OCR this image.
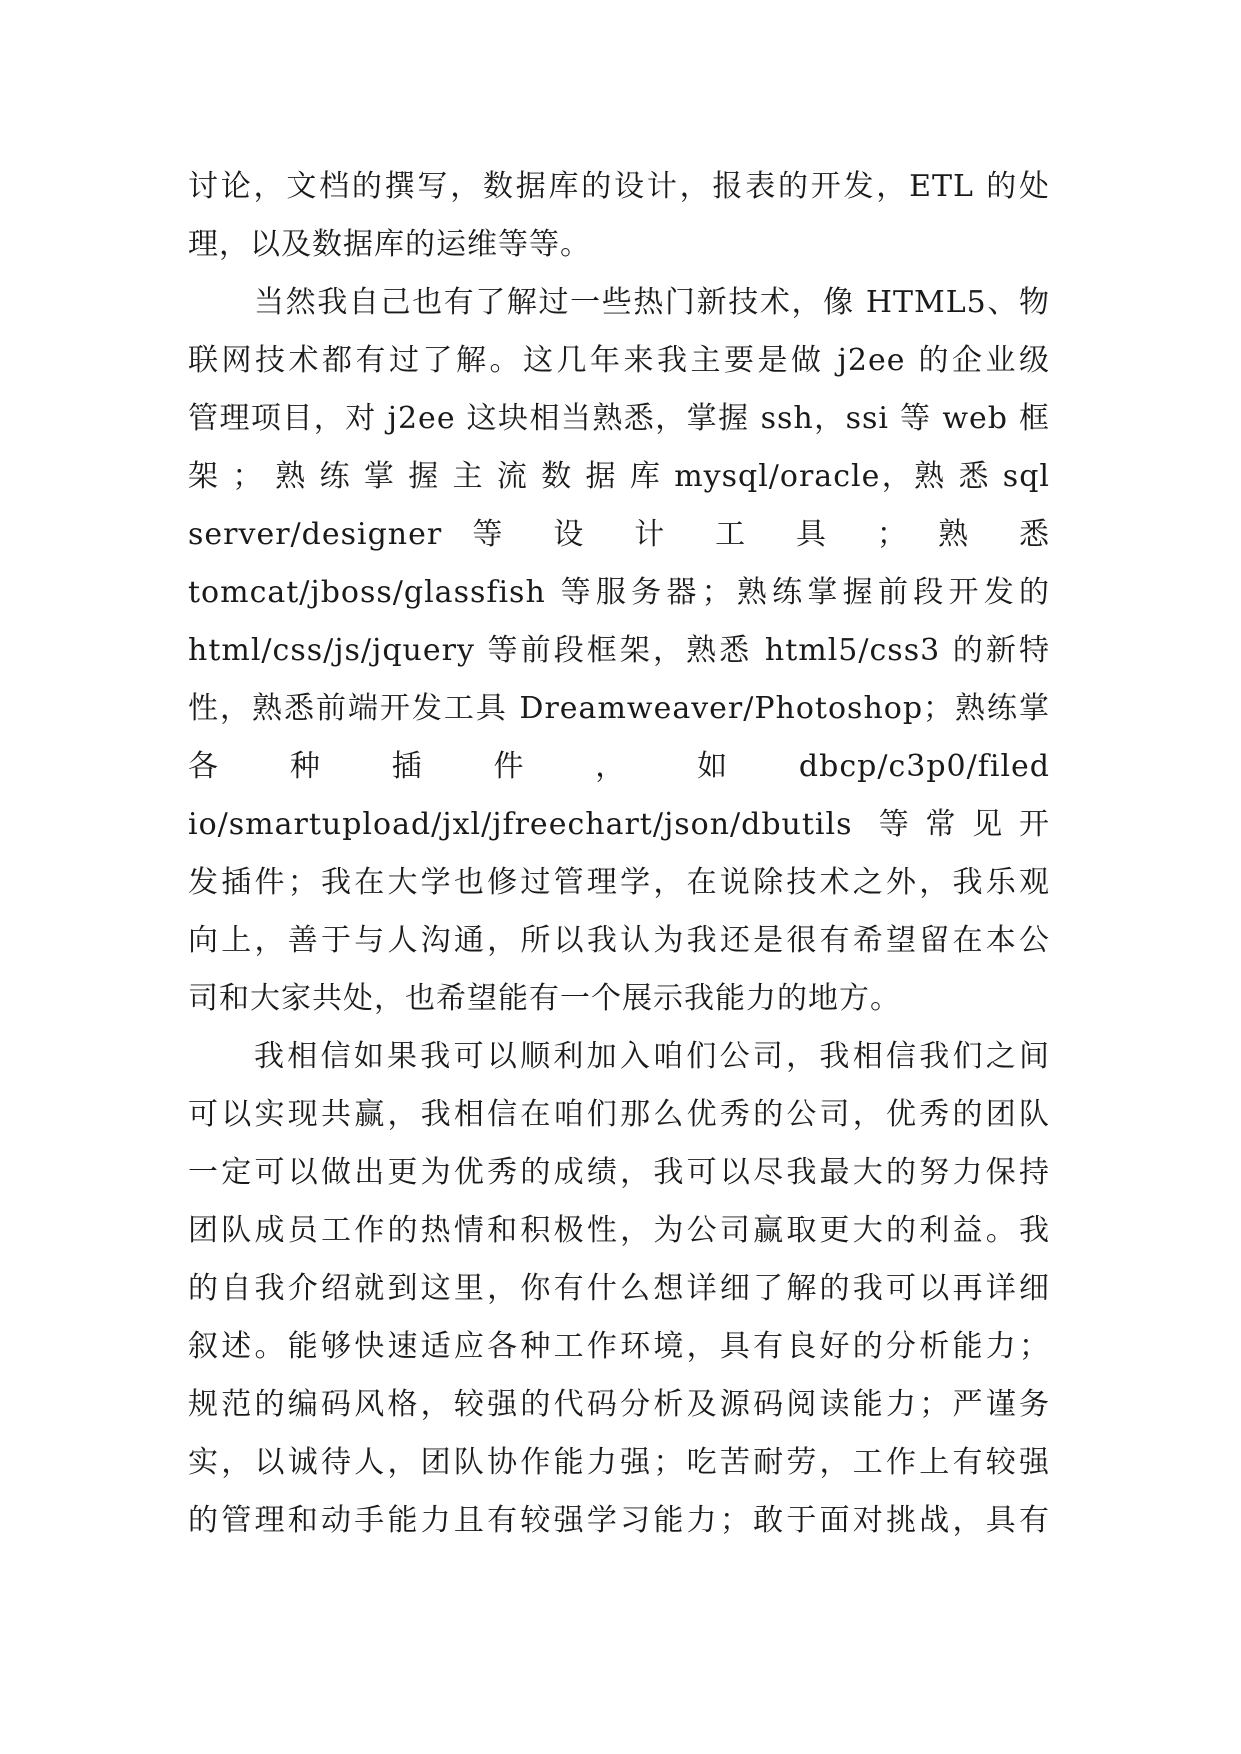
讨论，文档的撰写，数据库的设计，报表的开发，ETL 的处
理，以及数据库的运维等等。
当然我自己也有了解过一些热门新技术，像 HTML5、物
联网技术都有过了解。这几年来我主要是做 j2ee 的企业级
管理项目，对 j2ee 这块相当熟悉，掌握 ssh，ssi 等 web 框
架 ； 熟 练 掌 握 主 流 数 据 库 mysql/oracle，熟 悉 sql
server/designer 等 设 计 工 具 ； 熟 悉
tomcat/jboss/glassfish 等服务器；熟练掌握前段开发的
html/css/js/jquery 等前段框架，熟悉 html5/css3 的新特
性，熟悉前端开发工具 Dreamweaver/Photoshop；熟练掌
各 种 插 件 ， 如 dbcp/c3p0/filed
io/smartupload/jxl/jfreechart/json/dbutils 等常见开
发插件；我在大学也修过管理学，在说除技术之外，我乐观
向上，善于与人沟通，所以我认为我还是很有希望留在本公
司和大家共处，也希望能有一个展示我能力的地方。
我相信如果我可以顺利加入咱们公司，我相信我们之间
可以实现共赢，我相信在咱们那么优秀的公司，优秀的团队
一定可以做出更为优秀的成绩，我可以尽我最大的努力保持
团队成员工作的热情和积极性，为公司赢取更大的利益。我
的自我介绍就到这里，你有什么想详细了解的我可以再详细
叙述。能够快速适应各种工作环境，具有良好的分析能力；
规范的编码风格，较强的代码分析及源码阅读能力；严谨务
实，以诚待人，团队协作能力强；吃苦耐劳，工作上有较强
的管理和动手能力且有较强学习能力；敢于面对挑战，具有
